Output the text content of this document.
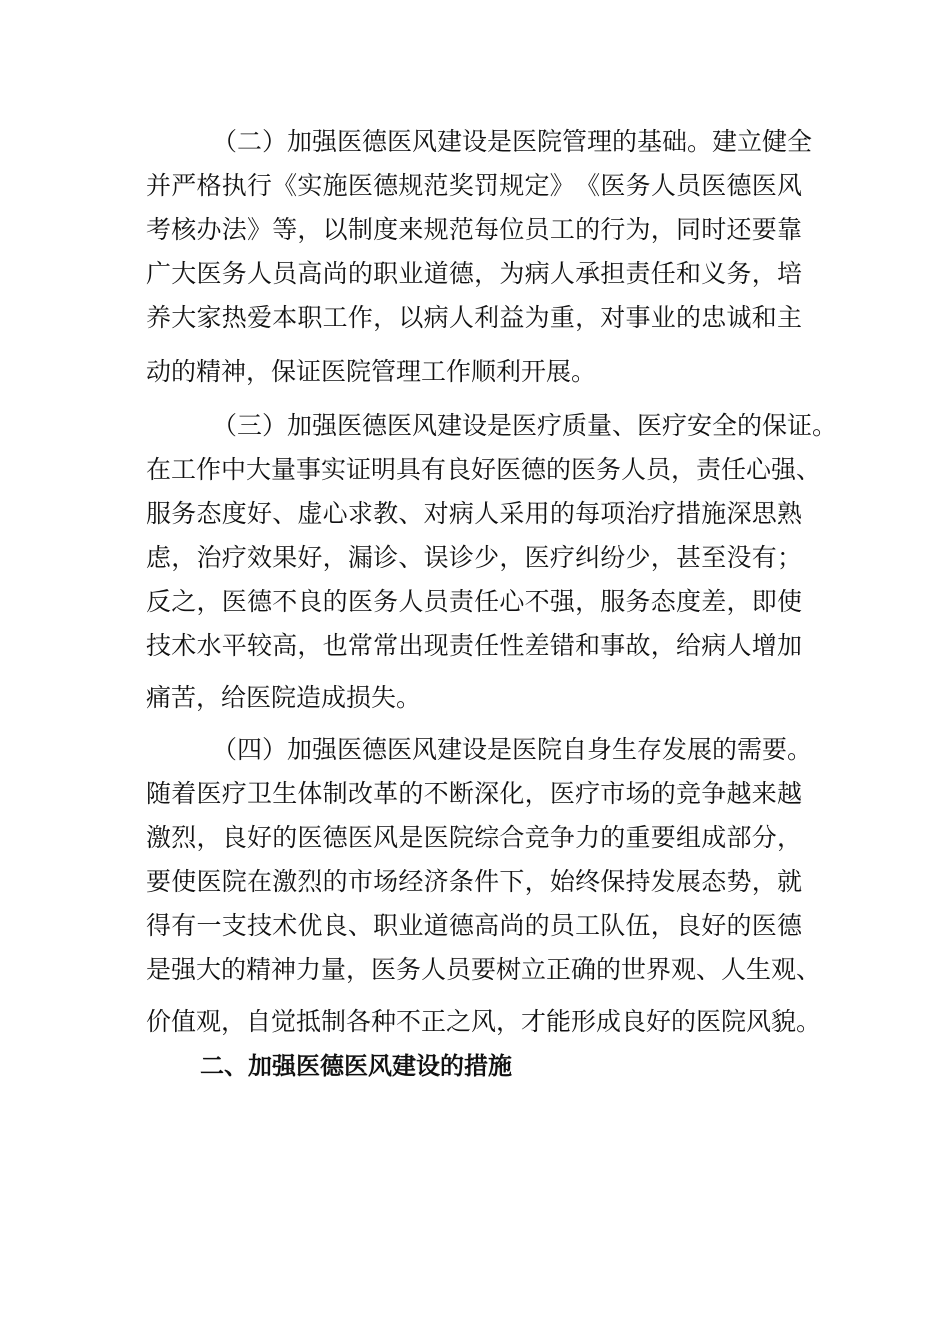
（二）加强医德医风建设是医院管理的基础。建立健全
并严格执行《实施医德规范奖罚规定》　《医务人员医德医风
考核办法》等，以制度来规范每位员工的行为，同时还要靠
广大医务人员高尚的职业道德，为病人承担责任和义务，培
养大家热爱本职工作，以病人利益为重，对事业的忠诚和主
动的精神，保证医院管理工作顺利开展。
（三）加强医德医风建设是医疗质量、医疗安全的保证。
在工作中大量事实证明具有良好医德的医务人员，责任心强、
服务态度好、虚心求教、对病人采用的每项治疗措施深思熟
虑，治疗效果好，漏诊、误诊少，医疗纠纷少，甚至没有；
反之，医德不良的医务人员责任心不强，服务态度差，即使
技术水平较高，也常常出现责任性差错和事故，给病人增加
痛苦，给医院造成损失。
（四）加强医德医风建设是医院自身生存发展的需要。
随着医疗卫生体制改革的不断深化，医疗市场的竞争越来越
激烈，良好的医德医风是医院综合竞争力的重要组成部分，
要使医院在激烈的市场经济条件下，始终保持发展态势，就
得有一支技术优良、职业道德高尚的员工队伍，良好的医德
是强大的精神力量，医务人员要树立正确的世界观、人生观、
价值观，自觉抵制各种不正之风，才能形成良好的医院风貌。
二、加强医德医风建设的措施
